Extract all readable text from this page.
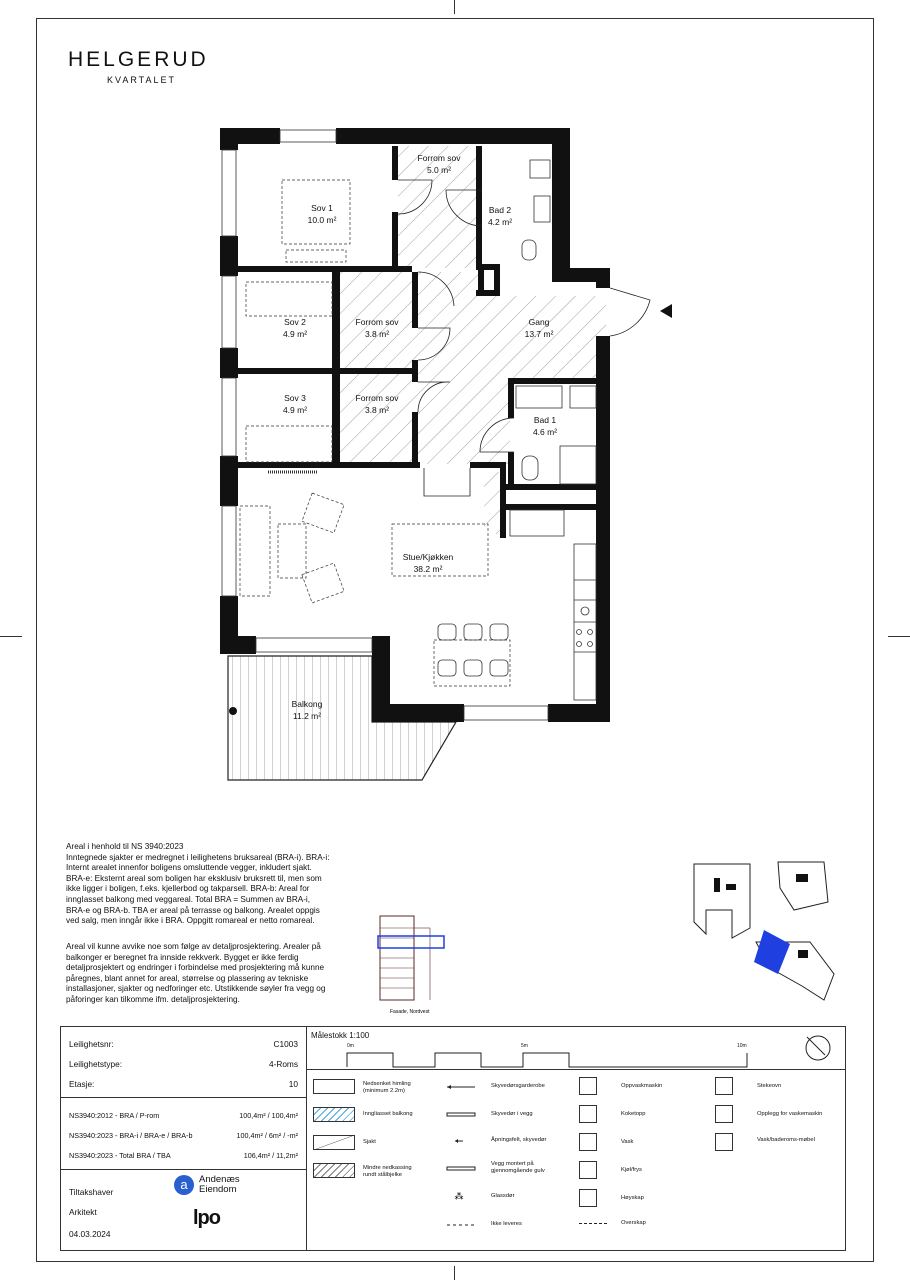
HELGERUD
KVARTALET
Sov 1
10.0 m²
Forrom sov
5.0 m²
Bad 2
4.2 m²
Sov 2
4.9 m²
Forrom sov
3.8 m²
Gang
13.7 m²
Sov 3
4.9 m²
Forrom sov
3.8 m²
Bad 1
4.6 m²
Stue/Kjøkken
38.2 m²
Balkong
11.2 m²
Areal i henhold til NS 3940:2023
Inntegnede sjakter er medregnet i leilighetens bruksareal (BRA-i). BRA-i: Internt arealet innenfor boligens omsluttende vegger, inkludert sjakt. BRA-e: Eksternt areal som boligen har eksklusiv bruksrett til, men som ikke ligger i boligen, f.eks. kjellerbod og takparsell. BRA-b: Areal for inngIasset balkong med veggareal. Total BRA = Summen av BRA-i, BRA-e og BRA-b. TBA er areal på terrasse og balkong. Arealet oppgis ved salg, men inngår ikke i BRA. Oppgitt romareal er netto romareal.
Areal vil kunne avvike noe som følge av detaljprosjektering. Arealer på balkonger er beregnet fra innside rekkverk. Bygget er ikke ferdig detaljprosjektert og endringer i forbindelse med prosjektering må kunne påregnes, blant annet for areal, størrelse og plassering av tekniske installasjoner, sjakter og nedforinger etc. Utstikkende søyler fra vegg og påforinger kan tilkomme ifm. detaljprosjektering.
Fasade, Nordvest
Leilighetsnr:	C1003
Leilighetstype:	4-Roms
Etasje:	10
NS3940:2012 - BRA / P-rom	100,4m² / 100,4m²
NS3940:2023 - BRA-i / BRA-e / BRA-b	100,4m² / 6m² / -m²
NS3940:2023 - Total BRA / TBA	106,4m² / 11,2m²
Tiltakshaver	a Andenæs Eiendom
Arkitekt	lpo
04.03.2024
Målestokk 1:100
0m	5m	10m
Nedsenket himling (minimum 2.2m)
Inngliasset balkong
Sjakt
Mindre nedkassing rundt stålbjelke
⁂
Skyvedørsgarderobe
Skyvedør i vegg
Åpningsfelt, skyvedør
Vegg montert på gjennomgående gulv
Glassdør
Ikke leveres
Oppvaskmaskin
Koketopp
Vask
Kjøl/frys
Høyskap
Overskap
Stekeovn
Opplegg for vaskemaskin
Vask/baderoms-møbel
